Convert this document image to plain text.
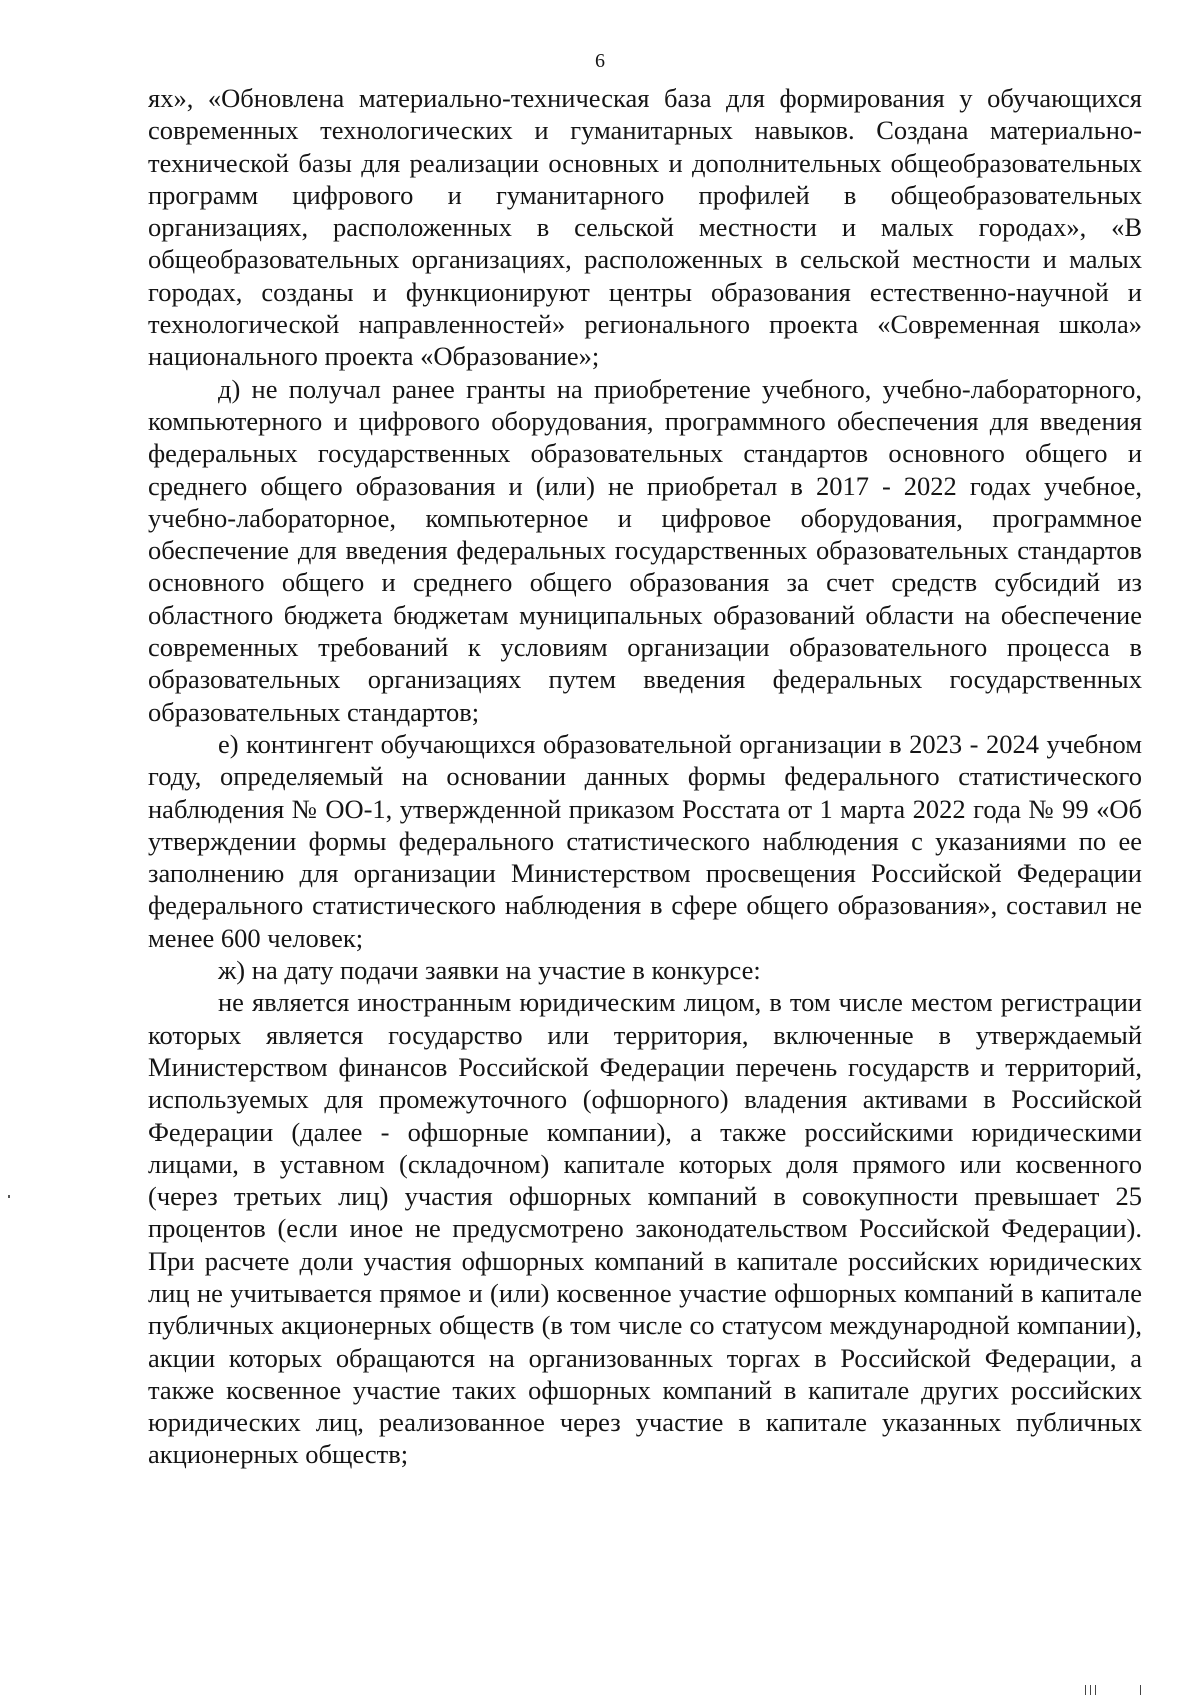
6

ях», «Обновлена материально-техническая база для формирования у обучающихся современных технологических и гуманитарных навыков. Создана материально-технической базы для реализации основных и дополнительных общеобразовательных программ цифрового и гуманитарного профилей в общеобразовательных организациях, расположенных в сельской местности и малых городах», «В общеобразовательных организациях, расположенных в сельской местности и малых городах, созданы и функционируют центры образования естественно-научной и технологической направленностей» регионального проекта «Современная школа» национального проекта «Образование»;

д) не получал ранее гранты на приобретение учебного, учебно-лабораторного, компьютерного и цифрового оборудования, программного обеспечения для введения федеральных государственных образовательных стандартов основного общего и среднего общего образования и (или) не приобретал в 2017 - 2022 годах учебное, учебно-лабораторное, компьютерное и цифровое оборудования, программное обеспечение для введения федеральных государственных образовательных стандартов основного общего и среднего общего образования за счет средств субсидий из областного бюджета бюджетам муниципальных образований области на обеспечение современных требований к условиям организации образовательного процесса в образовательных организациях путем введения федеральных государственных образовательных стандартов;

е) контингент обучающихся образовательной организации в 2023 - 2024 учебном году, определяемый на основании данных формы федерального статистического наблюдения № ОО-1, утвержденной приказом Росстата от 1 марта 2022 года № 99 «Об утверждении формы федерального статистического наблюдения с указаниями по ее заполнению для организации Министерством просвещения Российской Федерации федерального статистического наблюдения в сфере общего образования», составил не менее 600 человек;

ж) на дату подачи заявки на участие в конкурсе:

не является иностранным юридическим лицом, в том числе местом регистрации которых является государство или территория, включенные в утверждаемый Министерством финансов Российской Федерации перечень государств и территорий, используемых для промежуточного (офшорного) владения активами в Российской Федерации (далее - офшорные компании), а также российскими юридическими лицами, в уставном (складочном) капитале которых доля прямого или косвенного (через третьих лиц) участия офшорных компаний в совокупности превышает 25 процентов (если иное не предусмотрено законодательством Российской Федерации). При расчете доли участия офшорных компаний в капитале российских юридических лиц не учитывается прямое и (или) косвенное участие офшорных компаний в капитале публичных акционерных обществ (в том числе со статусом международной компании), акции которых обращаются на организованных торгах в Российской Федерации, а также косвенное участие таких офшорных компаний в капитале других российских юридических лиц, реализованное через участие в капитале указанных публичных акционерных обществ;
